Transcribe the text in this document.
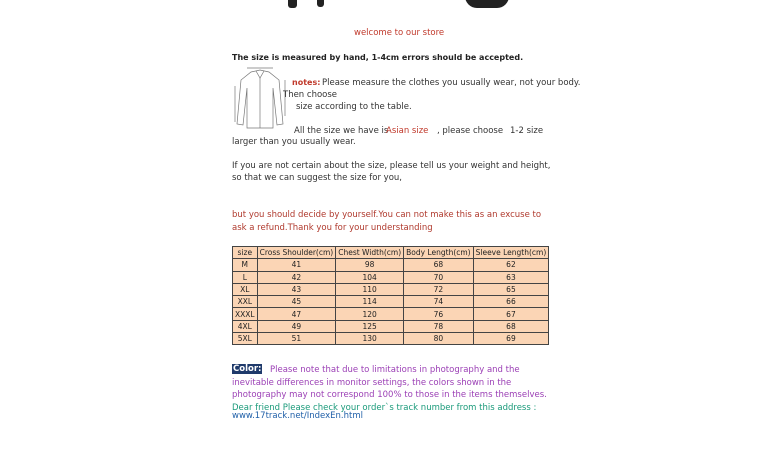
welcome to our store
The size is measured by hand, 1-4cm errors should be accepted.
notes: Please measure the clothes you usually wear, not your body.
Then choose
size according to the table.
All the size we have is
Asian size , please choose 1-2 size
larger than you usually wear.
If you are not certain about the size, please tell us your weight and height, so that we can suggest the size for you,
but you should decide by yourself.You can not make this as an excuse to ask a refund.Thank you for your understanding
size	Cross Shoulder(cm)	Chest Width(cm)	Body Length(cm)	Sleeve Length(cm)
M	41	98	68	62
L	42	104	70	63
XL	43	110	72	65
XXL	45	114	74	66
XXXL	47	120	76	67
4XL	49	125	78	68
5XL	51	130	80	69
Please note that due to limitations in photography and the inevitable differences in monitor settings, the colors shown in the photography may not correspond 100% to those in the items themselves.
Color:
Dear friend Please check your order`s track number from this address : www.17track.net/IndexEn.html
